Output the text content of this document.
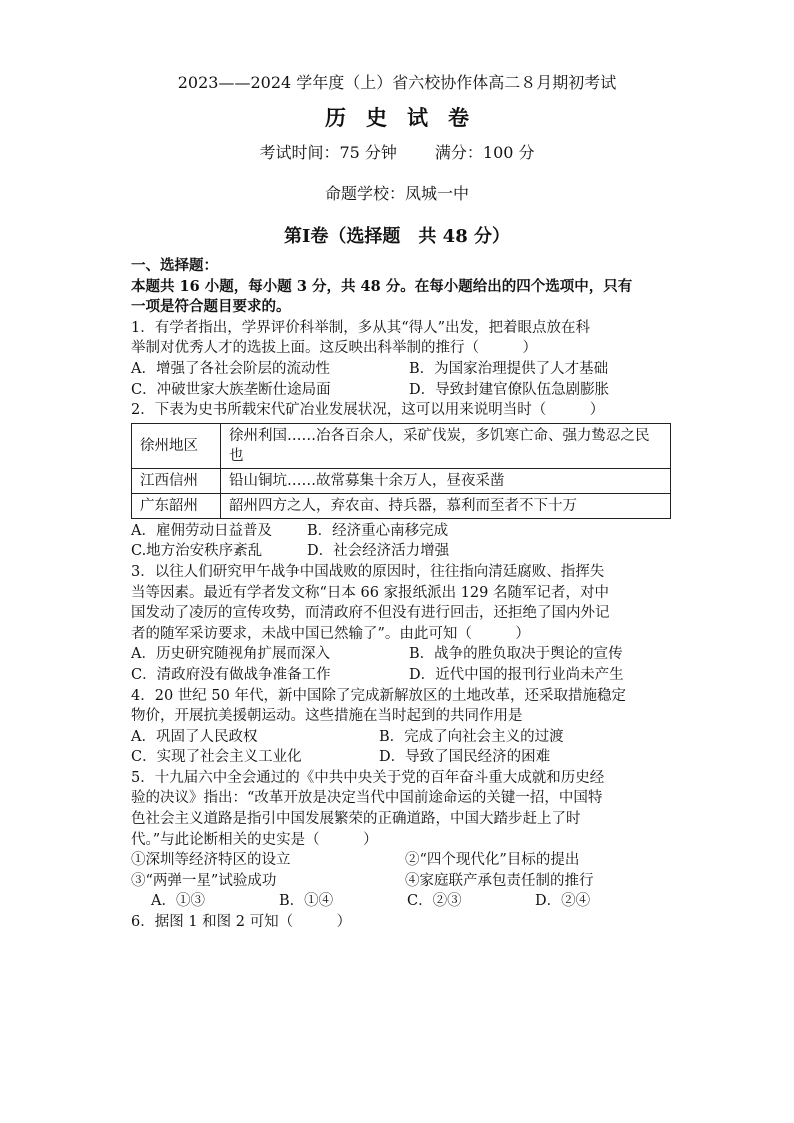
2023——2024 学年度（上）省六校协作体高二８月期初考试
历 史 试 卷
考试时间：75 分钟 满分：100 分
命题学校：凤城一中
第Ⅰ卷（选择题　共 48 分）
一、选择题：
本题共 16 小题，每小题 3 分，共 48 分。在每小题给出的四个选项中，只有
一项是符合题目要求的。
1．有学者指出，学界评价科举制，多从其“得人”出发，把着眼点放在科
举制对优秀人才的选拔上面。这反映出科举制的推行（　　　）
A．增强了各社会阶层的流动性	B．为国家治理提供了人才基础
C．冲破世家大族垄断仕途局面	D．导致封建官僚队伍急剧膨胀
2．下表为史书所载宋代矿冶业发展状况，这可以用来说明当时（　　　）
徐州地区	徐州利国……冶各百余人，采矿伐炭，多饥寒亡命、强力鸷忍之民也
江西信州	铅山铜坑……故常募集十余万人，昼夜采凿
广东韶州	韶州四方之人，弃农亩、持兵器，慕利而至者不下十万
A．雇佣劳动日益普及	B．经济重心南移完成
C.地方治安秩序紊乱	D．社会经济活力增强
3．以往人们研究甲午战争中国战败的原因时，往往指向清廷腐败、指挥失
当等因素。最近有学者发文称“日本 66 家报纸派出 129 名随军记者，对中
国发动了凌厉的宣传攻势，而清政府不但没有进行回击，还拒绝了国内外记
者的随军采访要求，未战中国已然输了”。由此可知（　　　）
A．历史研究随视角扩展而深入	B．战争的胜负取决于舆论的宣传
C．清政府没有做战争准备工作	D．近代中国的报刊行业尚未产生
4．20 世纪 50 年代，新中国除了完成新解放区的土地改革，还采取措施稳定
物价，开展抗美援朝运动。这些措施在当时起到的共同作用是
A．巩固了人民政权	B．完成了向社会主义的过渡
C．实现了社会主义工业化	D．导致了国民经济的困难
5．十九届六中全会通过的《中共中央关于党的百年奋斗重大成就和历史经
验的决议》指出：“改革开放是决定当代中国前途命运的关键一招，中国特
色社会主义道路是指引中国发展繁荣的正确道路，中国大踏步赶上了时
代。”与此论断相关的史实是（　　　）
①深圳等经济特区的设立	②“四个现代化”目标的提出
③“两弹一星”试验成功	④家庭联产承包责任制的推行
A．①③	B．①④	C．②③	D．②④
6．据图 1 和图 2 可知（　　　）
